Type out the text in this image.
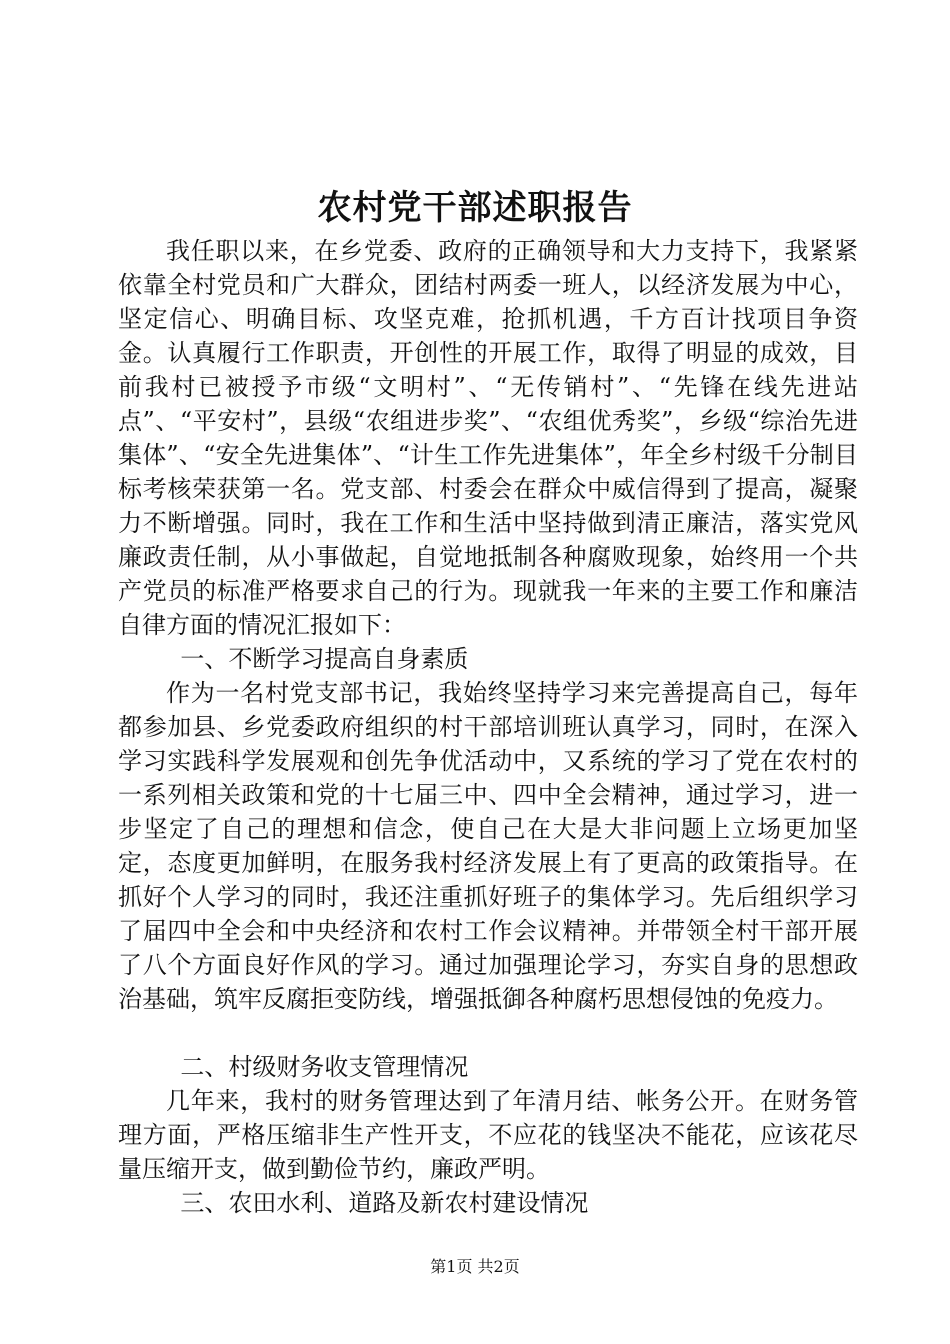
农村党干部述职报告

我任职以来，在乡党委、政府的正确领导和大力支持下，我紧紧依靠全村党员和广大群众，团结村两委一班人，以经济发展为中心，坚定信心、明确目标、攻坚克难，抢抓机遇，千方百计找项目争资金。认真履行工作职责，开创性的开展工作，取得了明显的成效，目前我村已被授予市级“文明村”、“无传销村”、“先锋在线先进站点”、“平安村”，县级“农组进步奖”、“农组优秀奖”，乡级“综治先进集体”、“安全先进集体”、“计生工作先进集体”，年全乡村级千分制目标考核荣获第一名。党支部、村委会在群众中威信得到了提高，凝聚力不断增强。同时，我在工作和生活中坚持做到清正廉洁，落实党风廉政责任制，从小事做起，自觉地抵制各种腐败现象，始终用一个共产党员的标准严格要求自己的行为。现就我一年来的主要工作和廉洁自律方面的情况汇报如下：

一、不断学习提高自身素质

作为一名村党支部书记，我始终坚持学习来完善提高自己，每年都参加县、乡党委政府组织的村干部培训班认真学习，同时，在深入学习实践科学发展观和创先争优活动中，又系统的学习了党在农村的一系列相关政策和党的十七届三中、四中全会精神，通过学习，进一步坚定了自己的理想和信念，使自己在大是大非问题上立场更加坚定，态度更加鲜明，在服务我村经济发展上有了更高的政策指导。在抓好个人学习的同时，我还注重抓好班子的集体学习。先后组织学习了届四中全会和中央经济和农村工作会议精神。并带领全村干部开展了八个方面良好作风的学习。通过加强理论学习，夯实自身的思想政治基础，筑牢反腐拒变防线，增强抵御各种腐朽思想侵蚀的免疫力。

二、村级财务收支管理情况

几年来，我村的财务管理达到了年清月结、帐务公开。在财务管理方面，严格压缩非生产性开支，不应花的钱坚决不能花，应该花尽量压缩开支，做到勤俭节约，廉政严明。

三、农田水利、道路及新农村建设情况

第1页 共2页
